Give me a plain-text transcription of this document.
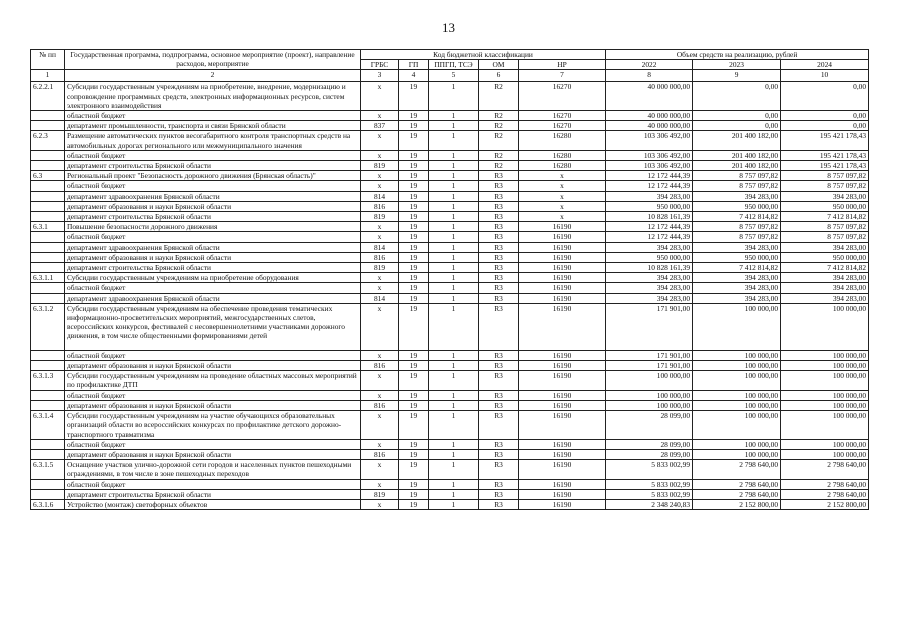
13
№ пп	Государственная программа, подпрограмма, основное мероприятие (проект), направление расходов, мероприятие	Код бюджетной классификации					Объем средств на реализацию, рублей		
		ГРБС	ГП	ППГП, ТСЭ	ОМ	НР	2022	2023	2024
1	2	3	4	5	6	7	8	9	10
6.2.2.1	Субсидии государственным учреждениям на приобретение, внедрение, модернизацию и сопровождение программных средств, электронных информационных ресурсов, систем электронного взаимодействия	х	19	1	R2	16270	40 000 000,00	0,00	0,00
	областной бюджет	х	19	1	R2	16270	40 000 000,00	0,00	0,00
	департамент промышленности, транспорта и связи Брянской области	837	19	1	R2	16270	40 000 000,00	0,00	0,00
6.2.3	Размещение автоматических пунктов весогабаритного контроля транспортных средств на автомобильных дорогах регионального или межмуниципального значения	х	19	1	R2	16280	103 306 492,00	201 400 182,00	195 421 178,43
	областной бюджет	х	19	1	R2	16280	103 306 492,00	201 400 182,00	195 421 178,43
	департамент строительства Брянской области	819	19	1	R2	16280	103 306 492,00	201 400 182,00	195 421 178,43
6.3	Региональный проект "Безопасность дорожного движения (Брянская область)"	х	19	1	R3	х	12 172 444,39	8 757 097,82	8 757 097,82
	областной бюджет	х	19	1	R3	х	12 172 444,39	8 757 097,82	8 757 097,82
	департамент здравоохранения Брянской области	814	19	1	R3	х	394 283,00	394 283,00	394 283,00
	департамент образования и науки Брянской области	816	19	1	R3	х	950 000,00	950 000,00	950 000,00
	департамент строительства Брянской области	819	19	1	R3	х	10 828 161,39	7 412 814,82	7 412 814,82
6.3.1	Повышение безопасности дорожного движения	х	19	1	R3	16190	12 172 444,39	8 757 097,82	8 757 097,82
	областной бюджет	х	19	1	R3	16190	12 172 444,39	8 757 097,82	8 757 097,82
	департамент здравоохранения Брянской области	814	19	1	R3	16190	394 283,00	394 283,00	394 283,00
	департамент образования и науки Брянской области	816	19	1	R3	16190	950 000,00	950 000,00	950 000,00
	департамент строительства Брянской области	819	19	1	R3	16190	10 828 161,39	7 412 814,82	7 412 814,82
6.3.1.1	Субсидии государственным учреждениям на приобретение оборудования	х	19	1	R3	16190	394 283,00	394 283,00	394 283,00
	областной бюджет	х	19	1	R3	16190	394 283,00	394 283,00	394 283,00
	департамент здравоохранения Брянской области	814	19	1	R3	16190	394 283,00	394 283,00	394 283,00
6.3.1.2	Субсидии государственным учреждениям на обеспечение проведения тематических информационно-просветительских мероприятий, межгосударственных слетов, всероссийских конкурсов, фестивалей с несовершеннолетними участниками дорожного движения, в том числе общественными формированиями детей	х	19	1	R3	16190	171 901,00	100 000,00	100 000,00
	областной бюджет	х	19	1	R3	16190	171 901,00	100 000,00	100 000,00
	департамент образования и науки Брянской области	816	19	1	R3	16190	171 901,00	100 000,00	100 000,00
6.3.1.3	Субсидии государственным учреждениям на проведение областных массовых мероприятий по профилактике ДТП	х	19	1	R3	16190	100 000,00	100 000,00	100 000,00
	областной бюджет	х	19	1	R3	16190	100 000,00	100 000,00	100 000,00
	департамент образования и науки Брянской области	816	19	1	R3	16190	100 000,00	100 000,00	100 000,00
6.3.1.4	Субсидии государственным учреждениям на участие обучающихся образовательных организаций области во всероссийских конкурсах по профилактике детского дорожно-транспортного травматизма	х	19	1	R3	16190	28 099,00	100 000,00	100 000,00
	областной бюджет	х	19	1	R3	16190	28 099,00	100 000,00	100 000,00
	департамент образования и науки Брянской области	816	19	1	R3	16190	28 099,00	100 000,00	100 000,00
6.3.1.5	Оснащение участков улично-дорожной сети городов и населенных пунктов пешеходными ограждениями, в том числе в зоне пешеходных переходов	х	19	1	R3	16190	5 833 002,99	2 798 640,00	2 798 640,00
	областной бюджет	х	19	1	R3	16190	5 833 002,99	2 798 640,00	2 798 640,00
	департамент строительства Брянской области	819	19	1	R3	16190	5 833 002,99	2 798 640,00	2 798 640,00
6.3.1.6	Устройство (монтаж) светофорных объектов	х	19	1	R3	16190	2 348 240,83	2 152 800,00	2 152 800,00
